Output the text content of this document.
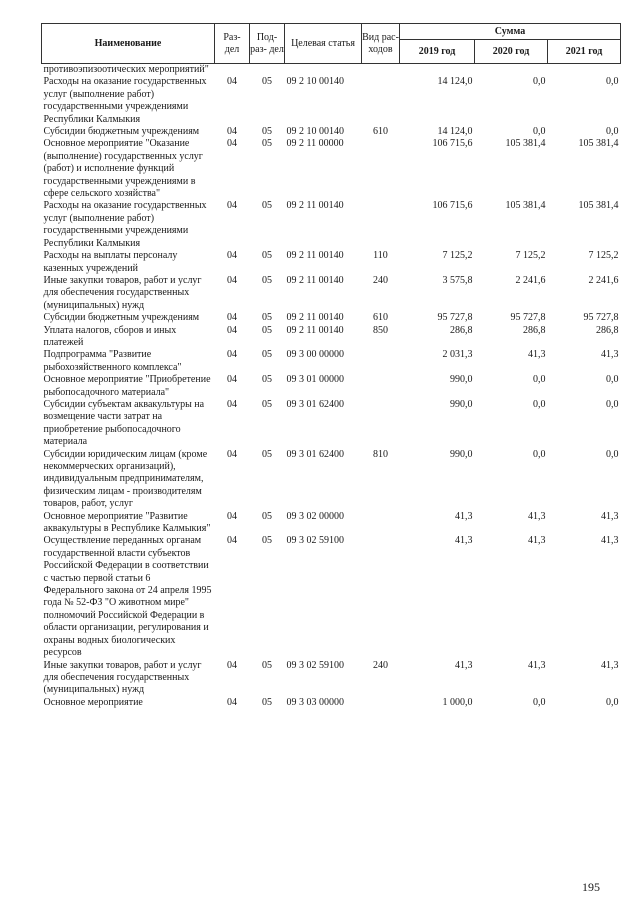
Наименование	Раз- дел	Под- раз- дел	Целевая статья	Вид рас- ходов	Сумма		
					2019 год	2020 год	2021 год
противоэпизоотических мероприятий"							
Расходы на оказание государственных услуг (выполнение работ) государственными учреждениями Республики Калмыкия	04	05	09 2 10 00140		14 124,0	0,0	0,0
Субсидии бюджетным учреждениям	04	05	09 2 10 00140	610	14 124,0	0,0	0,0
Основное мероприятие "Оказание (выполнение) государственных услуг (работ) и исполнение функций государственными учреждениями в сфере сельского хозяйства"	04	05	09 2 11 00000		106 715,6	105 381,4	105 381,4
Расходы на оказание государственных услуг (выполнение работ) государственными учреждениями Республики Калмыкия	04	05	09 2 11 00140		106 715,6	105 381,4	105 381,4
Расходы на выплаты персоналу казенных учреждений	04	05	09 2 11 00140	110	7 125,2	7 125,2	7 125,2
Иные закупки товаров, работ и услуг для обеспечения государственных (муниципальных) нужд	04	05	09 2 11 00140	240	3 575,8	2 241,6	2 241,6
Субсидии бюджетным учреждениям	04	05	09 2 11 00140	610	95 727,8	95 727,8	95 727,8
Уплата налогов, сборов и иных платежей	04	05	09 2 11 00140	850	286,8	286,8	286,8
Подпрограмма "Развитие рыбохозяйственного комплекса"	04	05	09 3 00 00000		2 031,3	41,3	41,3
Основное мероприятие "Приобретение рыбопосадочного материала"	04	05	09 3 01 00000		990,0	0,0	0,0
Субсидии субъектам аквакультуры на возмещение части затрат на приобретение рыбопосадочного материала	04	05	09 3 01 62400		990,0	0,0	0,0
Субсидии юридическим лицам (кроме некоммерческих организаций), индивидуальным предпринимателям, физическим лицам - производителям товаров, работ, услуг	04	05	09 3 01 62400	810	990,0	0,0	0,0
Основное мероприятие "Развитие аквакультуры в Республике Калмыкия"	04	05	09 3 02 00000		41,3	41,3	41,3
Осуществление переданных органам государственной власти субъектов Российской Федерации в соответствии с частью первой статьи 6 Федерального закона от 24 апреля 1995 года № 52-ФЗ "О животном мире" полномочий Российской Федерации в области организации, регулирования и охраны водных биологических ресурсов	04	05	09 3 02 59100		41,3	41,3	41,3
Иные закупки товаров, работ и услуг для обеспечения государственных (муниципальных) нужд	04	05	09 3 02 59100	240	41,3	41,3	41,3
Основное мероприятие	04	05	09 3 03 00000		1 000,0	0,0	0,0
195
